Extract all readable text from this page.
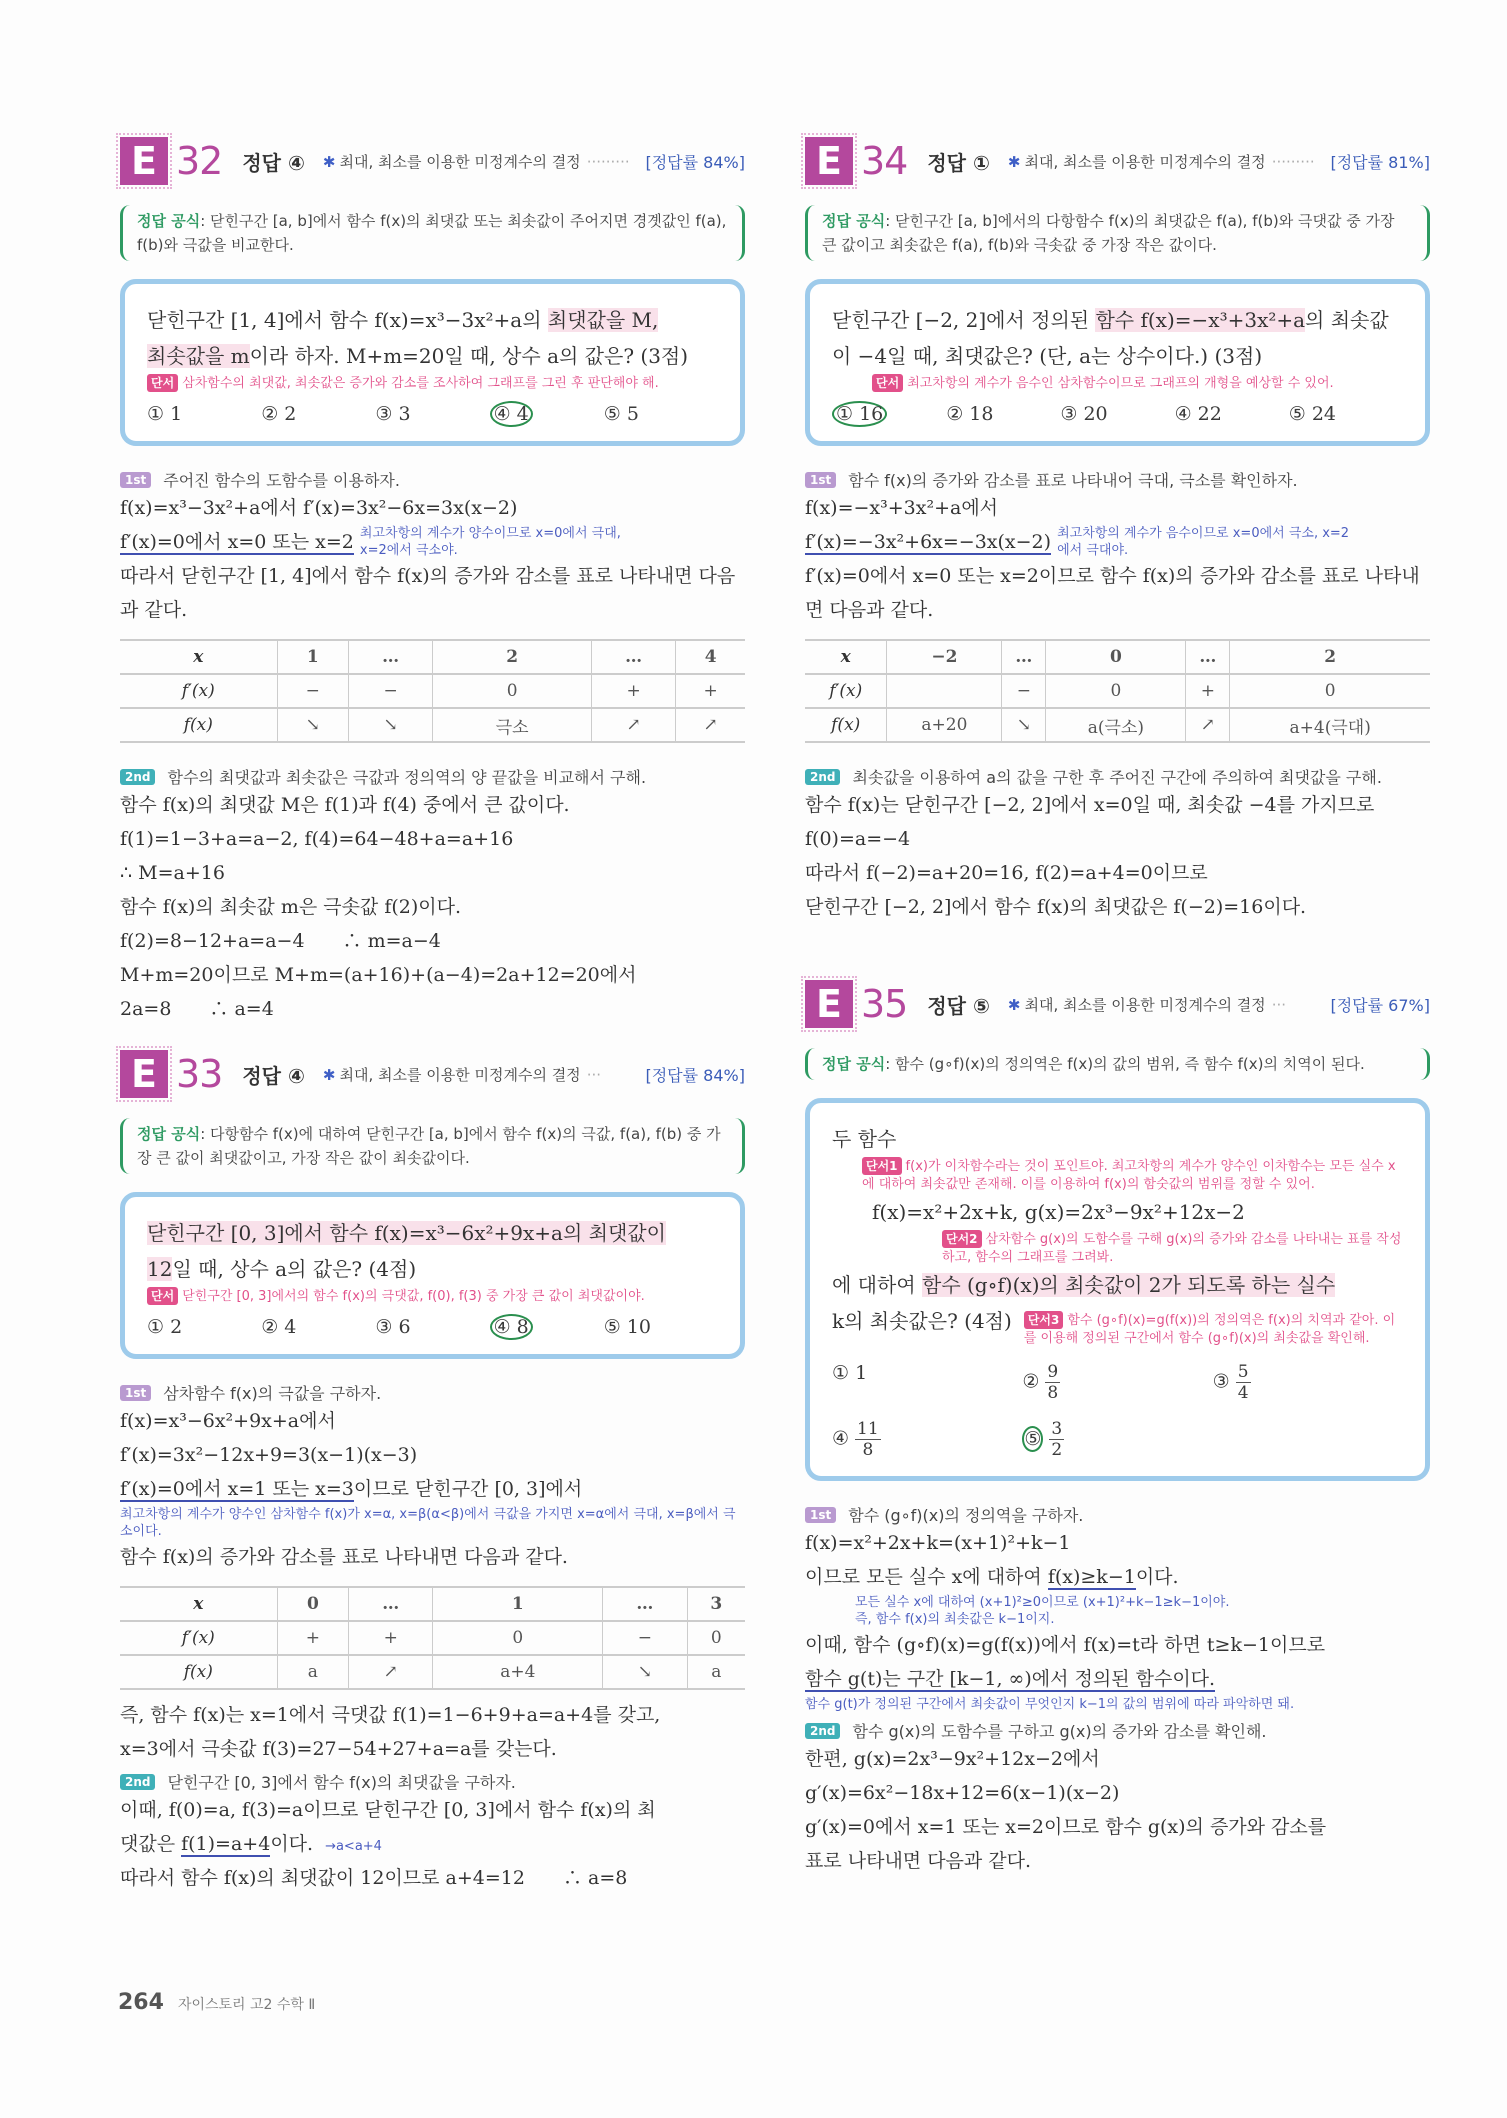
E 32 정답 ④ ✱ 최대, 최소를 이용한 미정계수의 결정 ········· [정답률 84%]
정답 공식: 닫힌구간 [a, b]에서 함수 f(x)의 최댓값 또는 최솟값이 주어지면 경곗값인 f(a), f(b)와 극값을 비교한다.
닫힌구간 [1, 4]에서 함수 f(x)=x³−3x²+a의 최댓값을 M,
최솟값을 m이라 하자. M+m=20일 때, 상수 a의 값은? (3점)
단서 삼차함수의 최댓값, 최솟값은 증가와 감소를 조사하여 그래프를 그린 후 판단해야 해.
① 1	② 2	③ 3	④ 4	⑤ 5
1st	주어진 함수의 도함수를 이용하자.
f(x)=x³−3x²+a에서 f′(x)=3x²−6x=3x(x−2)
f′(x)=0에서 x=0 또는 x=2 최고차항의 계수가 양수이므로 x=0에서 극대, x=2에서 극소야.
따라서 닫힌구간 [1, 4]에서 함수 f(x)의 증가와 감소를 표로 나타내면 다음과 같다.
x	1	…	2	…	4
f′(x)	−	−	0	+	+
f(x)	↘	↘	극소	↗	↗
2nd	함수의 최댓값과 최솟값은 극값과 정의역의 양 끝값을 비교해서 구해.
함수 f(x)의 최댓값 M은 f(1)과 f(4) 중에서 큰 값이다.
f(1)=1−3+a=a−2, f(4)=64−48+a=a+16
∴ M=a+16
함수 f(x)의 최솟값 m은 극솟값 f(2)이다.
f(2)=8−12+a=a−4　　∴ m=a−4
M+m=20이므로 M+m=(a+16)+(a−4)=2a+12=20에서
2a=8　　∴ a=4
E 33 정답 ④ ✱ 최대, 최소를 이용한 미정계수의 결정 ···	[정답률 84%]
정답 공식: 다항함수 f(x)에 대하여 닫힌구간 [a, b]에서 함수 f(x)의 극값, f(a), f(b) 중 가장 큰 값이 최댓값이고, 가장 작은 값이 최솟값이다.
닫힌구간 [0, 3]에서 함수 f(x)=x³−6x²+9x+a의 최댓값이
12일 때, 상수 a의 값은? (4점)
단서 닫힌구간 [0, 3]에서의 함수 f(x)의 극댓값, f(0), f(3) 중 가장 큰 값이 최댓값이야.
① 2	② 4	③ 6	④ 8	⑤ 10
1st	삼차함수 f(x)의 극값을 구하자.
f(x)=x³−6x²+9x+a에서
f′(x)=3x²−12x+9=3(x−1)(x−3)
f′(x)=0에서 x=1 또는 x=3이므로 닫힌구간 [0, 3]에서
최고차항의 계수가 양수인 삼차함수 f(x)가 x=α, x=β(α<β)에서 극값을 가지면 x=α에서 극대, x=β에서 극소이다.
함수 f(x)의 증가와 감소를 표로 나타내면 다음과 같다.
x	0	…	1	…	3
f′(x)	+	+	0	−	0
f(x)	a	↗	a+4	↘	a
즉, 함수 f(x)는 x=1에서 극댓값 f(1)=1−6+9+a=a+4를 갖고,
x=3에서 극솟값 f(3)=27−54+27+a=a를 갖는다.
2nd	닫힌구간 [0, 3]에서 함수 f(x)의 최댓값을 구하자.
이때, f(0)=a, f(3)=a이므로 닫힌구간 [0, 3]에서 함수 f(x)의 최
댓값은 f(1)=a+4이다. →a<a+4
따라서 함수 f(x)의 최댓값이 12이므로 a+4=12　　∴ a=8
E 34 정답 ① ✱ 최대, 최소를 이용한 미정계수의 결정 ········· [정답률 81%]
정답 공식: 닫힌구간 [a, b]에서의 다항함수 f(x)의 최댓값은 f(a), f(b)와 극댓값 중 가장 큰 값이고 최솟값은 f(a), f(b)와 극솟값 중 가장 작은 값이다.
닫힌구간 [−2, 2]에서 정의된 함수 f(x)=−x³+3x²+a의 최솟값이 −4일 때, 최댓값은? (단, a는 상수이다.) (3점)
단서 최고차항의 계수가 음수인 삼차함수이므로 그래프의 개형을 예상할 수 있어.
① 16	② 18	③ 20	④ 22	⑤ 24
1st	함수 f(x)의 증가와 감소를 표로 나타내어 극대, 극소를 확인하자.
f(x)=−x³+3x²+a에서
f′(x)=−3x²+6x=−3x(x−2) 최고차항의 계수가 음수이므로 x=0에서 극소, x=2에서 극대야.
f′(x)=0에서 x=0 또는 x=2이므로 함수 f(x)의 증가와 감소를 표로 나타내면 다음과 같다.
x	−2	…	0	…	2
f′(x)		−	0	+	0
f(x)	a+20	↘	a(극소)	↗	a+4(극대)
2nd	최솟값을 이용하여 a의 값을 구한 후 주어진 구간에 주의하여 최댓값을 구해.
함수 f(x)는 닫힌구간 [−2, 2]에서 x=0일 때, 최솟값 −4를 가지므로 f(0)=a=−4
따라서 f(−2)=a+20=16, f(2)=a+4=0이므로
닫힌구간 [−2, 2]에서 함수 f(x)의 최댓값은 f(−2)=16이다.
E 35 정답 ⑤ ✱ 최대, 최소를 이용한 미정계수의 결정 ···	[정답률 67%]
정답 공식: 함수 (g∘f)(x)의 정의역은 f(x)의 값의 범위, 즉 함수 f(x)의 치역이 된다.
두 함수
단서1 f(x)가 이차함수라는 것이 포인트야. 최고차항의 계수가 양수인 이차함수는 모든 실수 x에 대하여 최솟값만 존재해. 이를 이용하여 f(x)의 함숫값의 범위를 정할 수 있어.
f(x)=x²+2x+k, g(x)=2x³−9x²+12x−2
단서2 삼차함수 g(x)의 도함수를 구해 g(x)의 증가와 감소를 나타내는 표를 작성하고, 함수의 그래프를 그려봐.
에 대하여 함수 (g∘f)(x)의 최솟값이 2가 되도록 하는 실수
k의 최솟값은? (4점)	단서3 함수 (g∘f)(x)=g(f(x))의 정의역은 f(x)의 치역과 같아. 이를 이용해 정의된 구간에서 함수 (g∘f)(x)의 최솟값을 확인해.
① 1	② $\frac{9}{8}$	③ $\frac{5}{4}$
④ $\frac{11}{8}$	⑤ $\frac{3}{2}$
1st	함수 (g∘f)(x)의 정의역을 구하자.
f(x)=x²+2x+k=(x+1)²+k−1
이므로 모든 실수 x에 대하여 f(x)≥k−1이다.
모든 실수 x에 대하여 (x+1)²≥0이므로 (x+1)²+k−1≥k−1이야.
즉, 함수 f(x)의 최솟값은 k−1이지.
이때, 함수 (g∘f)(x)=g(f(x))에서 f(x)=t라 하면 t≥k−1이므로
함수 g(t)는 구간 [k−1, ∞)에서 정의된 함수이다.
함수 g(t)가 정의된 구간에서 최솟값이 무엇인지 k−1의 값의 범위에 따라 파악하면 돼.
2nd	함수 g(x)의 도함수를 구하고 g(x)의 증가와 감소를 확인해.
한편, g(x)=2x³−9x²+12x−2에서
g′(x)=6x²−18x+12=6(x−1)(x−2)
g′(x)=0에서 x=1 또는 x=2이므로 함수 g(x)의 증가와 감소를
표로 나타내면 다음과 같다.
264 자이스토리 고2 수학 Ⅱ
